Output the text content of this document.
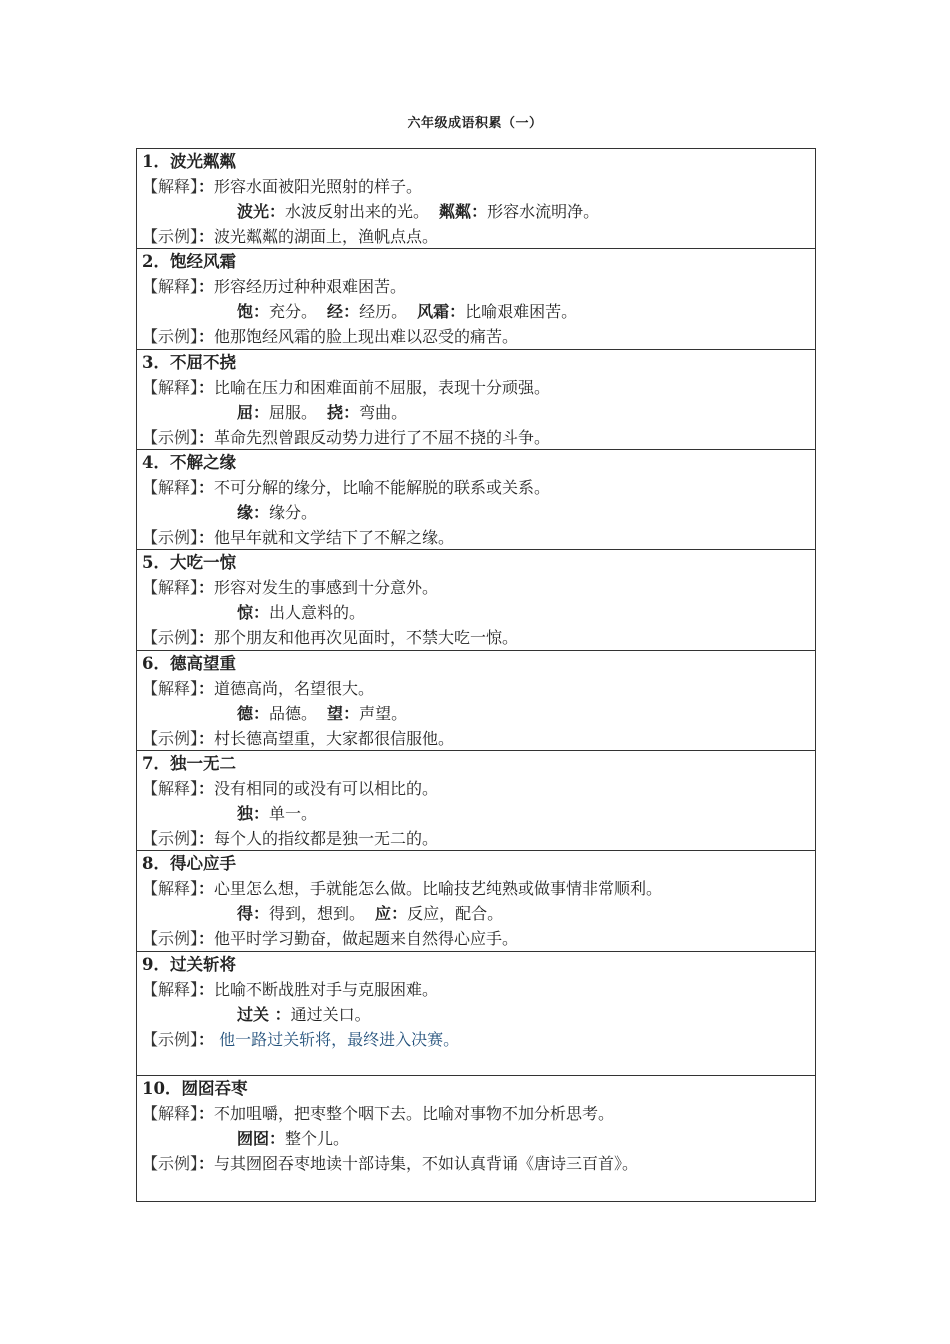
六年级成语积累（一）
1．波光粼粼
【解释】：形容水面被阳光照射的样子。
波光：水波反射出来的光。 粼粼：形容水流明净。
【示例】：波光粼粼的湖面上，渔帆点点。
2．饱经风霜
【解释】：形容经历过种种艰难困苦。
饱：充分。 经：经历。 风霜：比喻艰难困苦。
【示例】：他那饱经风霜的脸上现出难以忍受的痛苦。
3．不屈不挠
【解释】：比喻在压力和困难面前不屈服，表现十分顽强。
屈：屈服。 挠：弯曲。
【示例】：革命先烈曾跟反动势力进行了不屈不挠的斗争。
4．不解之缘
【解释】：不可分解的缘分，比喻不能解脱的联系或关系。
缘：缘分。
【示例】：他早年就和文学结下了不解之缘。
5．大吃一惊
【解释】：形容对发生的事感到十分意外。
惊：出人意料的。
【示例】：那个朋友和他再次见面时，不禁大吃一惊。
6．德高望重
【解释】：道德高尚，名望很大。
德：品德。 望：声望。
【示例】：村长德高望重，大家都很信服他。
7．独一无二
【解释】：没有相同的或没有可以相比的。
独：单一。
【示例】：每个人的指纹都是独一无二的。
8．得心应手
【解释】：心里怎么想，手就能怎么做。比喻技艺纯熟或做事情非常顺利。
得：得到，想到。 应：反应，配合。
【示例】：他平时学习勤奋，做起题来自然得心应手。
9．过关斩将
【解释】：比喻不断战胜对手与克服困难。
过关 ：通过关口。
【示例】： 他一路过关斩将，最终进入决赛。
10．囫囵吞枣
【解释】：不加咀嚼，把枣整个咽下去。比喻对事物不加分析思考。
囫囵：整个儿。
【示例】：与其囫囵吞枣地读十部诗集，不如认真背诵《唐诗三百首》。
